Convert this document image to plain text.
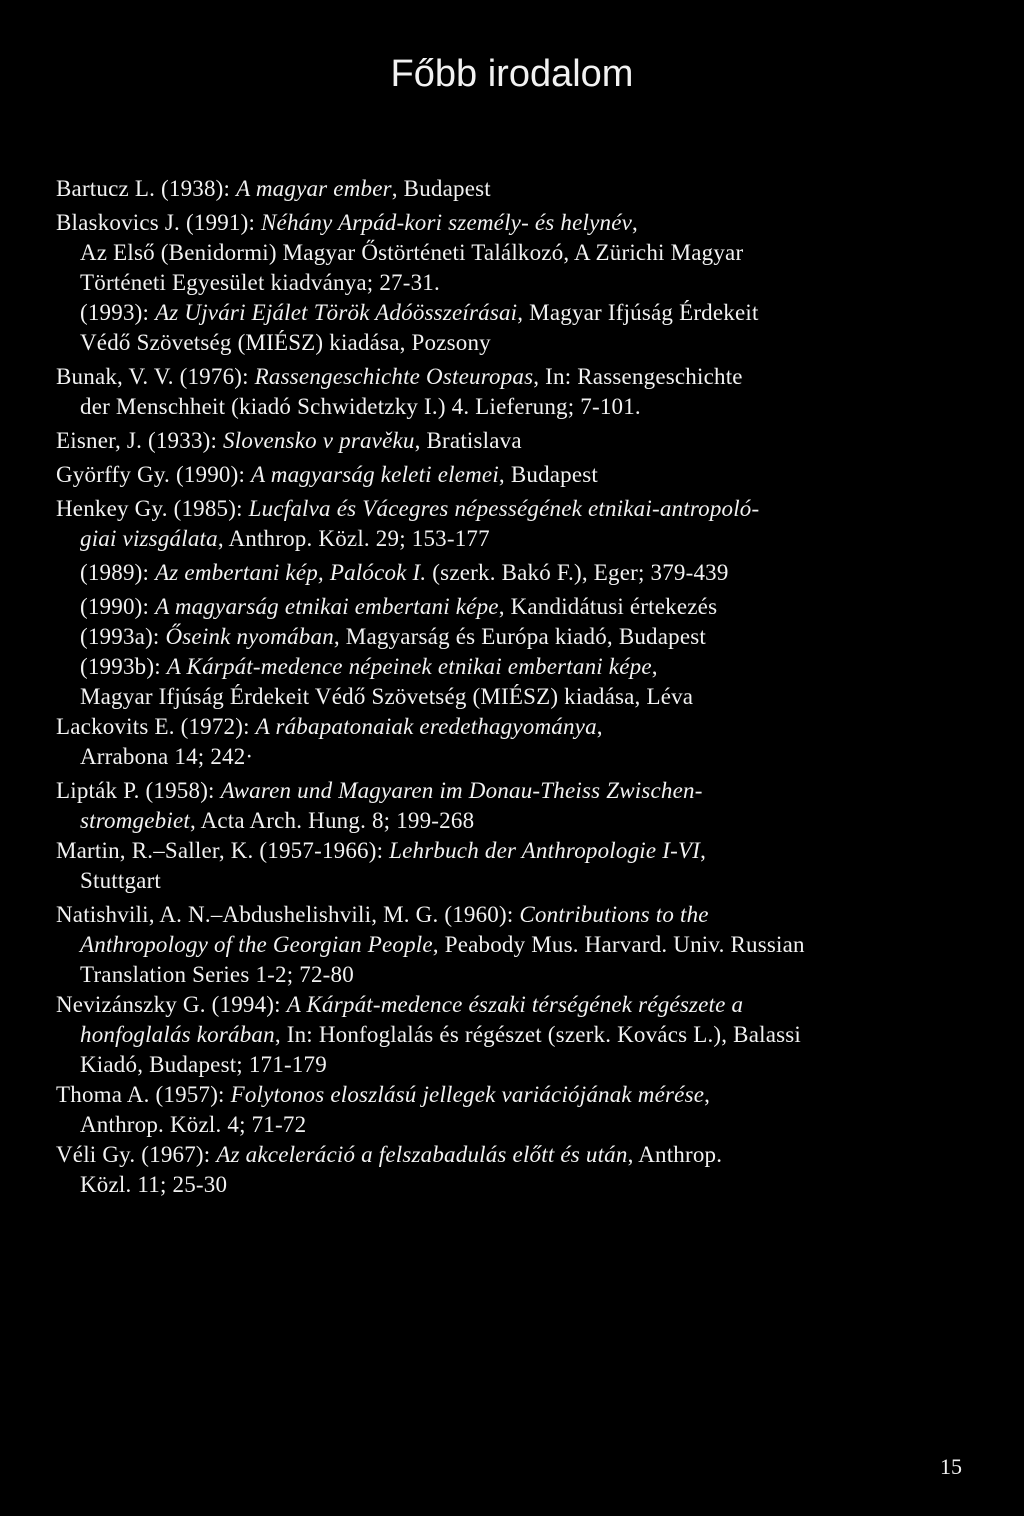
Főbb irodalom
Bartucz L. (1938): A magyar ember, Budapest
Blaskovics J. (1991): Néhány Arpád-kori személy- és helynév,
Az Első (Benidormi) Magyar Őstörténeti Találkozó, A Zürichi Magyar
Történeti Egyesület kiadványa; 27-31.
(1993): Az Ujvári Ejálet Török Adóösszeírásai, Magyar Ifjúság Érdekeit
Védő Szövetség (MIÉSZ) kiadása, Pozsony
Bunak, V. V. (1976): Rassengeschichte Osteuropas, In: Rassengeschichte
der Menschheit (kiadó Schwidetzky I.) 4. Lieferung; 7-101.
Eisner, J. (1933): Slovensko v pravěku, Bratislava
Györffy Gy. (1990): A magyarság keleti elemei, Budapest
Henkey Gy. (1985): Lucfalva és Vácegres népességének etnikai-antropoló-
giai vizsgálata, Anthrop. Közl. 29; 153-177
(1989): Az embertani kép, Palócok I. (szerk. Bakó F.), Eger; 379-439
(1990): A magyarság etnikai embertani képe, Kandidátusi értekezés
(1993a): Őseink nyomában, Magyarság és Európa kiadó, Budapest
(1993b): A Kárpát-medence népeinek etnikai embertani képe,
Magyar Ifjúság Érdekeit Védő Szövetség (MIÉSZ) kiadása, Léva
Lackovits E. (1972): A rábapatonaiak eredethagyománya,
Arrabona 14; 242·
Lipták P. (1958): Awaren und Magyaren im Donau-Theiss Zwischen-
stromgebiet, Acta Arch. Hung. 8; 199-268
Martin, R.–Saller, K. (1957-1966): Lehrbuch der Anthropologie I-VI,
Stuttgart
Natishvili, A. N.–Abdushelishvili, M. G. (1960): Contributions to the
Anthropology of the Georgian People, Peabody Mus. Harvard. Univ. Russian
Translation Series 1-2; 72-80
Nevizánszky G. (1994): A Kárpát-medence északi térségének régészete a
honfoglalás korában, In: Honfoglalás és régészet (szerk. Kovács L.), Balassi
Kiadó, Budapest; 171-179
Thoma A. (1957): Folytonos eloszlású jellegek variációjának mérése,
Anthrop. Közl. 4; 71-72
Véli Gy. (1967): Az akceleráció a felszabadulás előtt és után, Anthrop.
Közl. 11; 25-30
15
